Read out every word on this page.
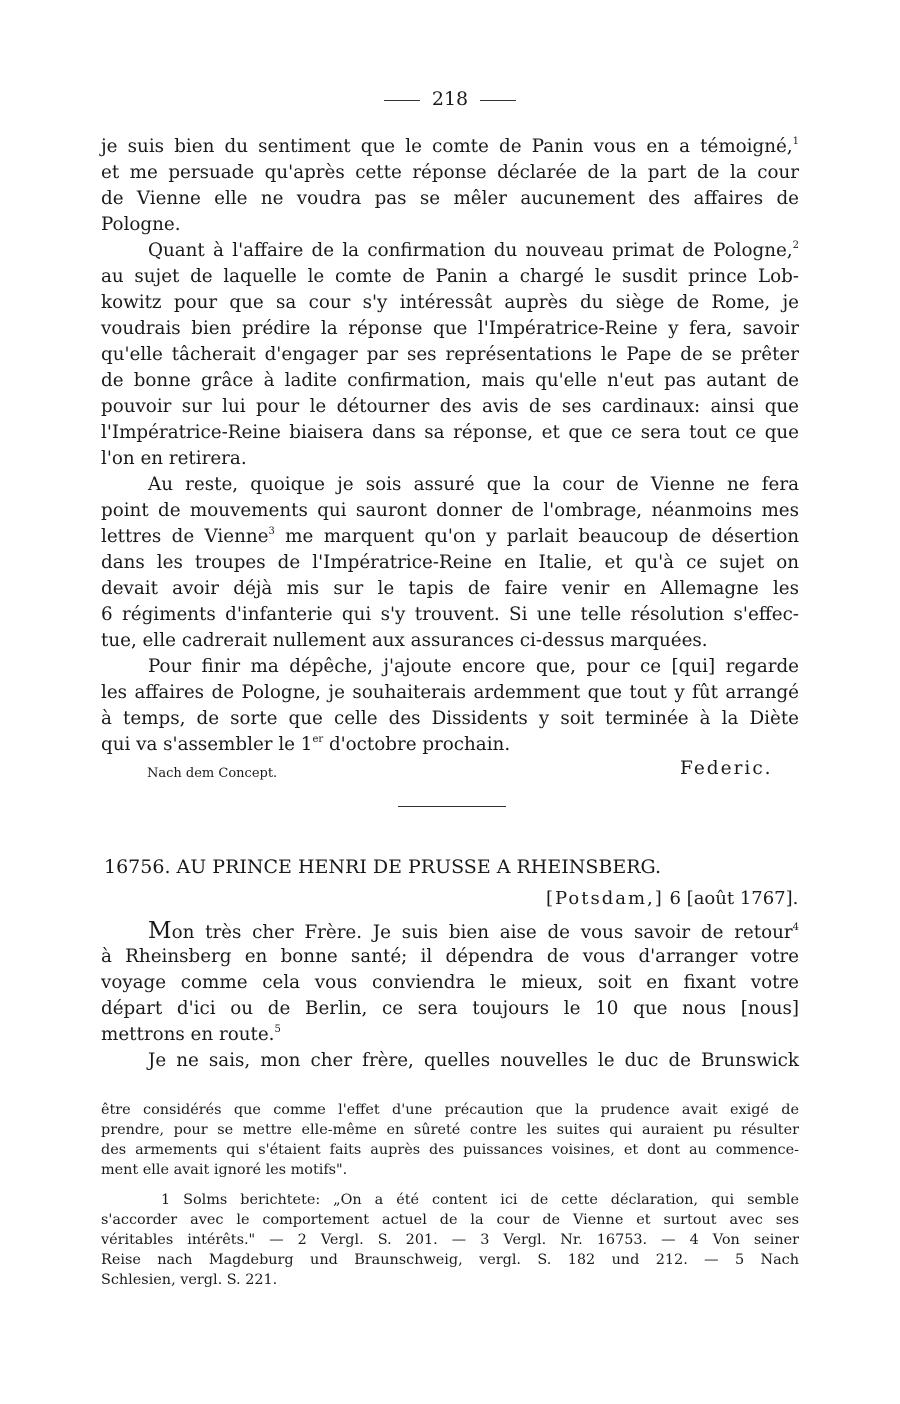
218
je suis bien du sentiment que le comte de Panin vous en a témoigné,$^1$
et me persuade qu'après cette réponse déclarée de la part de la cour
de Vienne elle ne voudra pas se mêler aucunement des affaires de
Pologne.
Quant à l'affaire de la confirmation du nouveau primat de Pologne,$^2$
au sujet de laquelle le comte de Panin a chargé le susdit prince Lob-
kowitz pour que sa cour s'y intéressât auprès du siège de Rome, je
voudrais bien prédire la réponse que l'Impératrice-Reine y fera, savoir
qu'elle tâcherait d'engager par ses représentations le Pape de se prêter
de bonne grâce à ladite confirmation, mais qu'elle n'eut pas autant de
pouvoir sur lui pour le détourner des avis de ses cardinaux: ainsi que
l'Impératrice-Reine biaisera dans sa réponse, et que ce sera tout ce que
l'on en retirera.
Au reste, quoique je sois assuré que la cour de Vienne ne fera
point de mouvements qui sauront donner de l'ombrage, néanmoins mes
lettres de Vienne$^3$ me marquent qu'on y parlait beaucoup de désertion
dans les troupes de l'Impératrice-Reine en Italie, et qu'à ce sujet on
devait avoir déjà mis sur le tapis de faire venir en Allemagne les
6 régiments d'infanterie qui s'y trouvent. Si une telle résolution s'effec-
tue, elle cadrerait nullement aux assurances ci-dessus marquées.
Pour finir ma dépêche, j'ajoute encore que, pour ce [qui] regarde
les affaires de Pologne, je souhaiterais ardemment que tout y fût arrangé
à temps, de sorte que celle des Dissidents y soit terminée à la Diète
qui va s'assembler le 1er d'octobre prochain.
Nach dem Concept.	Federic.
16756. AU PRINCE HENRI DE PRUSSE A RHEINSBERG.
[Potsdam,] 6 [août 1767].
Mon très cher Frère. Je suis bien aise de vous savoir de retour$^4$
à Rheinsberg en bonne santé; il dépendra de vous d'arranger votre
voyage comme cela vous conviendra le mieux, soit en fixant votre
départ d'ici ou de Berlin, ce sera toujours le 10 que nous [nous]
mettrons en route.$^5$
Je ne sais, mon cher frère, quelles nouvelles le duc de Brunswick
être considérés que comme l'effet d'une précaution que la prudence avait exigé de
prendre, pour se mettre elle-même en sûreté contre les suites qui auraient pu résulter
des armements qui s'étaient faits auprès des puissances voisines, et dont au commence-
ment elle avait ignoré les motifs".
1 Solms berichtete: „On a été content ici de cette déclaration, qui semble
s'accorder avec le comportement actuel de la cour de Vienne et surtout avec ses
véritables intérêts." — 2 Vergl. S. 201. — 3 Vergl. Nr. 16753. — 4 Von seiner
Reise nach Magdeburg und Braunschweig, vergl. S. 182 und 212. — 5 Nach
Schlesien, vergl. S. 221.
